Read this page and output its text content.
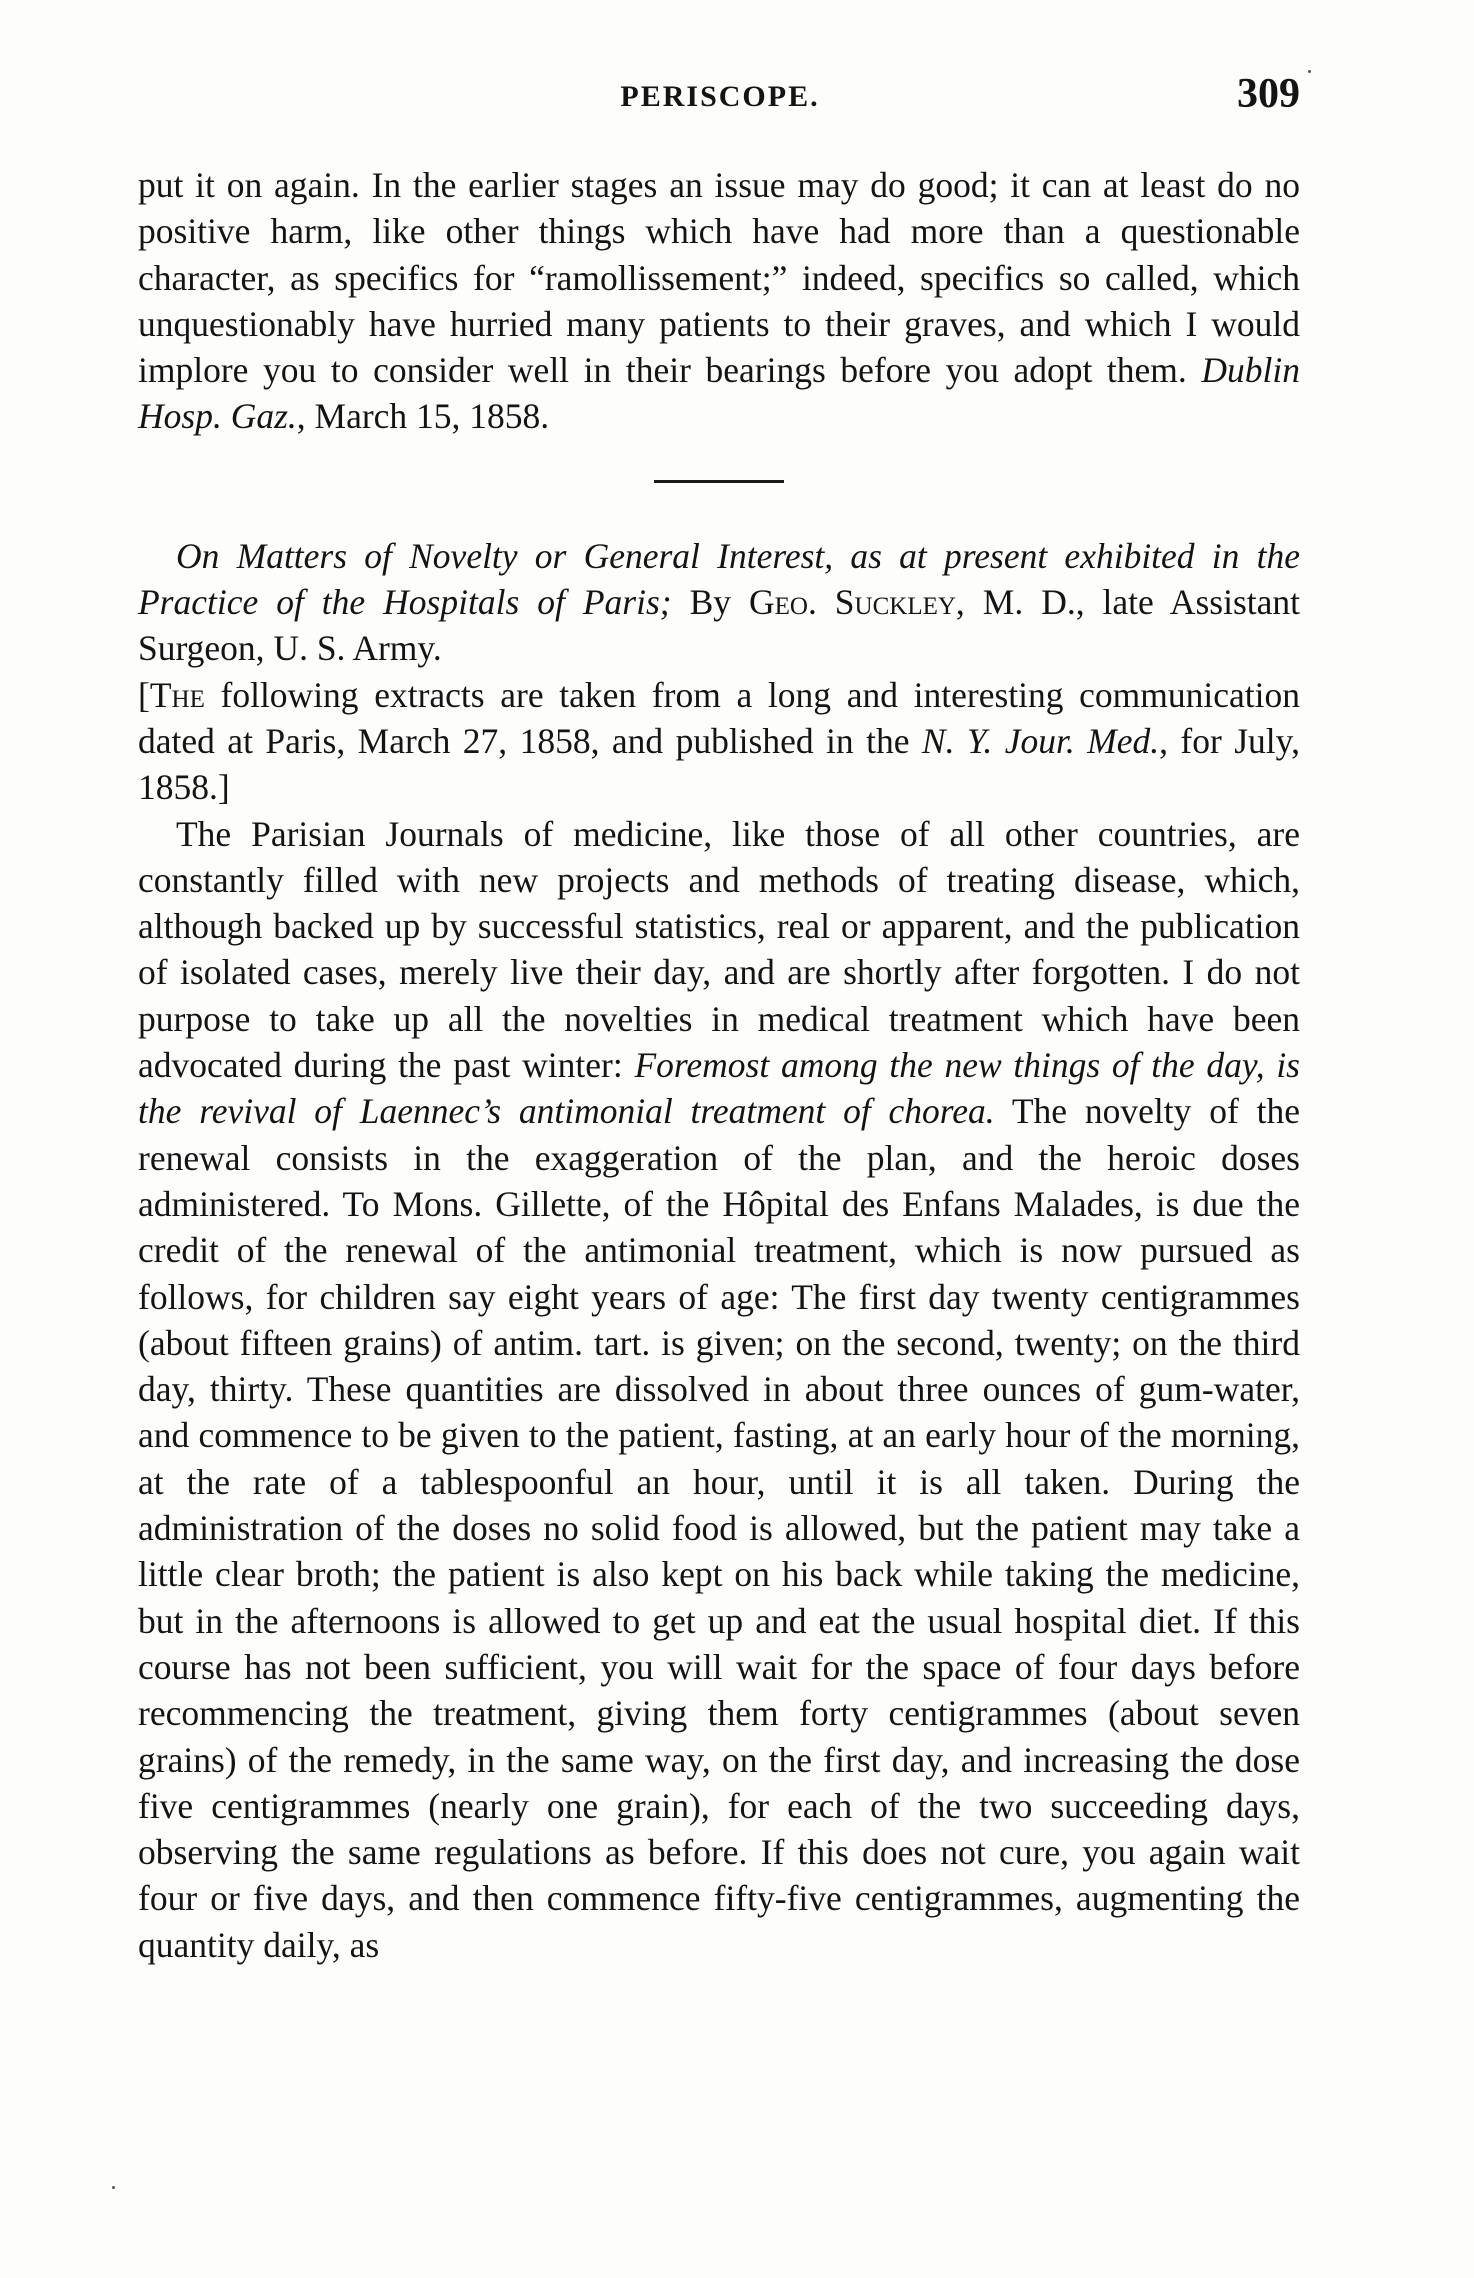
PERISCOPE.	309

put it on again. In the earlier stages an issue may do good; it can at least do no positive harm, like other things which have had more than a questionable character, as specifics for “ramollissement;” indeed, specifics so called, which unquestionably have hurried many patients to their graves, and which I would implore you to consider well in their bearings before you adopt them. Dublin Hosp. Gaz., March 15, 1858.

On Matters of Novelty or General Interest, as at present exhibited in the Practice of the Hospitals of Paris; By Geo. Suckley, M. D., late Assistant Surgeon, U. S. Army.

[The following extracts are taken from a long and interesting communication dated at Paris, March 27, 1858, and published in the N. Y. Jour. Med., for July, 1858.]

The Parisian Journals of medicine, like those of all other countries, are constantly filled with new projects and methods of treating disease, which, although backed up by successful statistics, real or apparent, and the publication of isolated cases, merely live their day, and are shortly after forgotten. I do not purpose to take up all the novelties in medical treatment which have been advocated during the past winter: Foremost among the new things of the day, is the revival of Laennec’s antimonial treatment of chorea. The novelty of the renewal consists in the exaggeration of the plan, and the heroic doses administered. To Mons. Gillette, of the Hôpital des Enfans Malades, is due the credit of the renewal of the antimonial treatment, which is now pursued as follows, for children say eight years of age: The first day twenty centigrammes (about fifteen grains) of antim. tart. is given; on the second, twenty; on the third day, thirty. These quantities are dissolved in about three ounces of gum-water, and commence to be given to the patient, fasting, at an early hour of the morning, at the rate of a tablespoonful an hour, until it is all taken. During the administration of the doses no solid food is allowed, but the patient may take a little clear broth; the patient is also kept on his back while taking the medicine, but in the afternoons is allowed to get up and eat the usual hospital diet. If this course has not been sufficient, you will wait for the space of four days before recommencing the treatment, giving them forty centigrammes (about seven grains) of the remedy, in the same way, on the first day, and increasing the dose five centigrammes (nearly one grain), for each of the two succeeding days, observing the same regulations as before. If this does not cure, you again wait four or five days, and then commence fifty-five centigrammes, augmenting the quantity daily, as
